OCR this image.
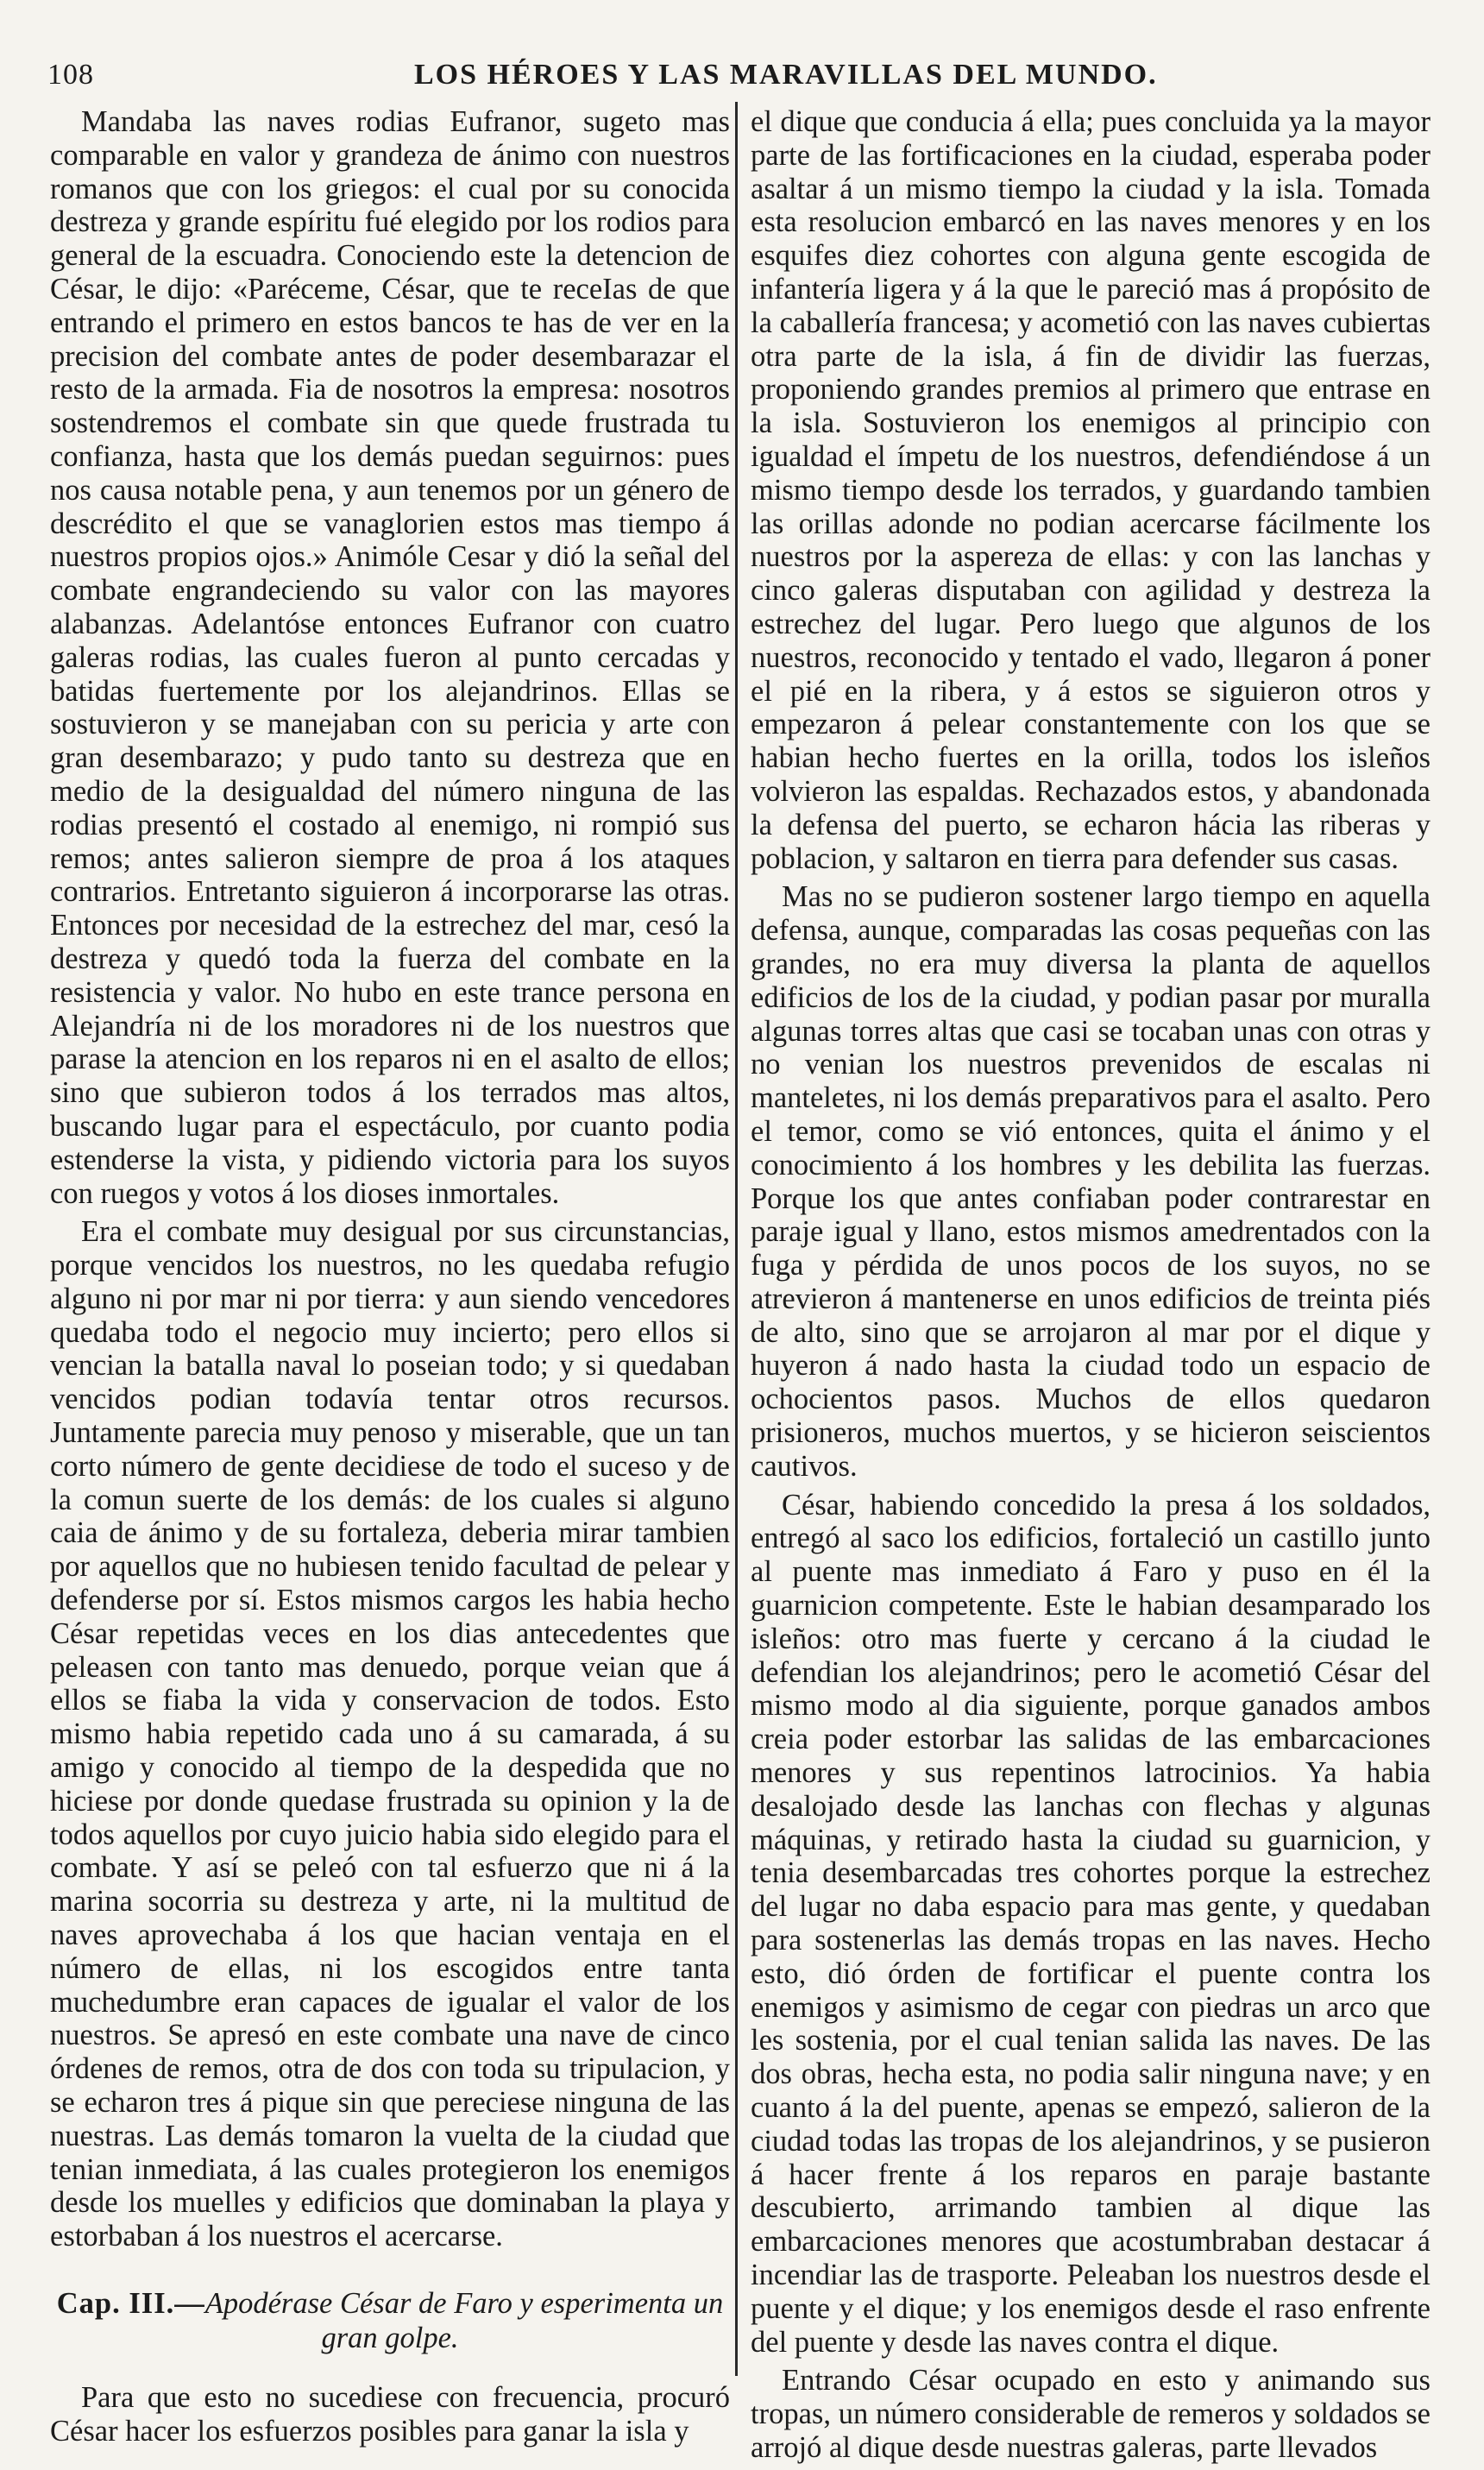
108	LOS HÉROES Y LAS MARAVILLAS DEL MUNDO.

Mandaba las naves rodias Eufranor, sugeto mas comparable en valor y grandeza de ánimo con nuestros romanos que con los griegos: el cual por su conocida destreza y grande espíritu fué elegido por los rodios para general de la escuadra. Conociendo este la detencion de César, le dijo: «Paréceme, César, que te receIas de que entrando el primero en estos bancos te has de ver en la precision del combate antes de poder desembarazar el resto de la armada. Fia de nosotros la empresa: nosotros sostendremos el combate sin que quede frustrada tu confianza, hasta que los demás puedan seguirnos: pues nos causa notable pena, y aun tenemos por un género de descrédito el que se vanaglorien estos mas tiempo á nuestros propios ojos.» Animóle Cesar y dió la señal del combate engrandeciendo su valor con las mayores alabanzas. Adelantóse entonces Eufranor con cuatro galeras rodias, las cuales fueron al punto cercadas y batidas fuertemente por los alejandrinos. Ellas se sostuvieron y se manejaban con su pericia y arte con gran desembarazo; y pudo tanto su destreza que en medio de la desigualdad del número ninguna de las rodias presentó el costado al enemigo, ni rompió sus remos; antes salieron siempre de proa á los ataques contrarios. Entretanto siguieron á incorporarse las otras. Entonces por necesidad de la estrechez del mar, cesó la destreza y quedó toda la fuerza del combate en la resistencia y valor. No hubo en este trance persona en Alejandría ni de los moradores ni de los nuestros que parase la atencion en los reparos ni en el asalto de ellos; sino que subieron todos á los terrados mas altos, buscando lugar para el espectáculo, por cuanto podia estenderse la vista, y pidiendo victoria para los suyos con ruegos y votos á los dioses inmortales.

Era el combate muy desigual por sus circunstancias, porque vencidos los nuestros, no les quedaba refugio alguno ni por mar ni por tierra: y aun siendo vencedores quedaba todo el negocio muy incierto; pero ellos si vencian la batalla naval lo poseian todo; y si quedaban vencidos podian todavía tentar otros recursos. Juntamente parecia muy penoso y miserable, que un tan corto número de gente decidiese de todo el suceso y de la comun suerte de los demás: de los cuales si alguno caia de ánimo y de su fortaleza, deberia mirar tambien por aquellos que no hubiesen tenido facultad de pelear y defenderse por sí. Estos mismos cargos les habia hecho César repetidas veces en los dias antecedentes que peleasen con tanto mas denuedo, porque veian que á ellos se fiaba la vida y conservacion de todos. Esto mismo habia repetido cada uno á su camarada, á su amigo y conocido al tiempo de la despedida que no hiciese por donde quedase frustrada su opinion y la de todos aquellos por cuyo juicio habia sido elegido para el combate. Y así se peleó con tal esfuerzo que ni á la marina socorria su destreza y arte, ni la multitud de naves aprovechaba á los que hacian ventaja en el número de ellas, ni los escogidos entre tanta muchedumbre eran capaces de igualar el valor de los nuestros. Se apresó en este combate una nave de cinco órdenes de remos, otra de dos con toda su tripulacion, y se echaron tres á pique sin que pereciese ninguna de las nuestras. Las demás tomaron la vuelta de la ciudad que tenian inmediata, á las cuales protegieron los enemigos desde los muelles y edificios que dominaban la playa y estorbaban á los nuestros el acercarse.

Cap. III.—Apodérase César de Faro y esperimenta un gran golpe.

Para que esto no sucediese con frecuencia, procuró César hacer los esfuerzos posibles para ganar la isla y

el dique que conducia á ella; pues concluida ya la mayor parte de las fortificaciones en la ciudad, esperaba poder asaltar á un mismo tiempo la ciudad y la isla. Tomada esta resolucion embarcó en las naves menores y en los esquifes diez cohortes con alguna gente escogida de infantería ligera y á la que le pareció mas á propósito de la caballería francesa; y acometió con las naves cubiertas otra parte de la isla, á fin de dividir las fuerzas, proponiendo grandes premios al primero que entrase en la isla. Sostuvieron los enemigos al principio con igualdad el ímpetu de los nuestros, defendiéndose á un mismo tiempo desde los terrados, y guardando tambien las orillas adonde no podian acercarse fácilmente los nuestros por la aspereza de ellas: y con las lanchas y cinco galeras disputaban con agilidad y destreza la estrechez del lugar. Pero luego que algunos de los nuestros, reconocido y tentado el vado, llegaron á poner el pié en la ribera, y á estos se siguieron otros y empezaron á pelear constantemente con los que se habian hecho fuertes en la orilla, todos los isleños volvieron las espaldas. Rechazados estos, y abandonada la defensa del puerto, se echaron hácia las riberas y poblacion, y saltaron en tierra para defender sus casas.

Mas no se pudieron sostener largo tiempo en aquella defensa, aunque, comparadas las cosas pequeñas con las grandes, no era muy diversa la planta de aquellos edificios de los de la ciudad, y podian pasar por muralla algunas torres altas que casi se tocaban unas con otras y no venian los nuestros prevenidos de escalas ni manteletes, ni los demás preparativos para el asalto. Pero el temor, como se vió entonces, quita el ánimo y el conocimiento á los hombres y les debilita las fuerzas. Porque los que antes confiaban poder contrarestar en paraje igual y llano, estos mismos amedrentados con la fuga y pérdida de unos pocos de los suyos, no se atrevieron á mantenerse en unos edificios de treinta piés de alto, sino que se arrojaron al mar por el dique y huyeron á nado hasta la ciudad todo un espacio de ochocientos pasos. Muchos de ellos quedaron prisioneros, muchos muertos, y se hicieron seiscientos cautivos.

César, habiendo concedido la presa á los soldados, entregó al saco los edificios, fortaleció un castillo junto al puente mas inmediato á Faro y puso en él la guarnicion competente. Este le habian desamparado los isleños: otro mas fuerte y cercano á la ciudad le defendian los alejandrinos; pero le acometió César del mismo modo al dia siguiente, porque ganados ambos creia poder estorbar las salidas de las embarcaciones menores y sus repentinos latrocinios. Ya habia desalojado desde las lanchas con flechas y algunas máquinas, y retirado hasta la ciudad su guarnicion, y tenia desembarcadas tres cohortes porque la estrechez del lugar no daba espacio para mas gente, y quedaban para sostenerlas las demás tropas en las naves. Hecho esto, dió órden de fortificar el puente contra los enemigos y asimismo de cegar con piedras un arco que les sostenia, por el cual tenian salida las naves. De las dos obras, hecha esta, no podia salir ninguna nave; y en cuanto á la del puente, apenas se empezó, salieron de la ciudad todas las tropas de los alejandrinos, y se pusieron á hacer frente á los reparos en paraje bastante descubierto, arrimando tambien al dique las embarcaciones menores que acostumbraban destacar á incendiar las de trasporte. Peleaban los nuestros desde el puente y el dique; y los enemigos desde el raso enfrente del puente y desde las naves contra el dique.

Entrando César ocupado en esto y animando sus tropas, un número considerable de remeros y soldados se arrojó al dique desde nuestras galeras, parte llevados
